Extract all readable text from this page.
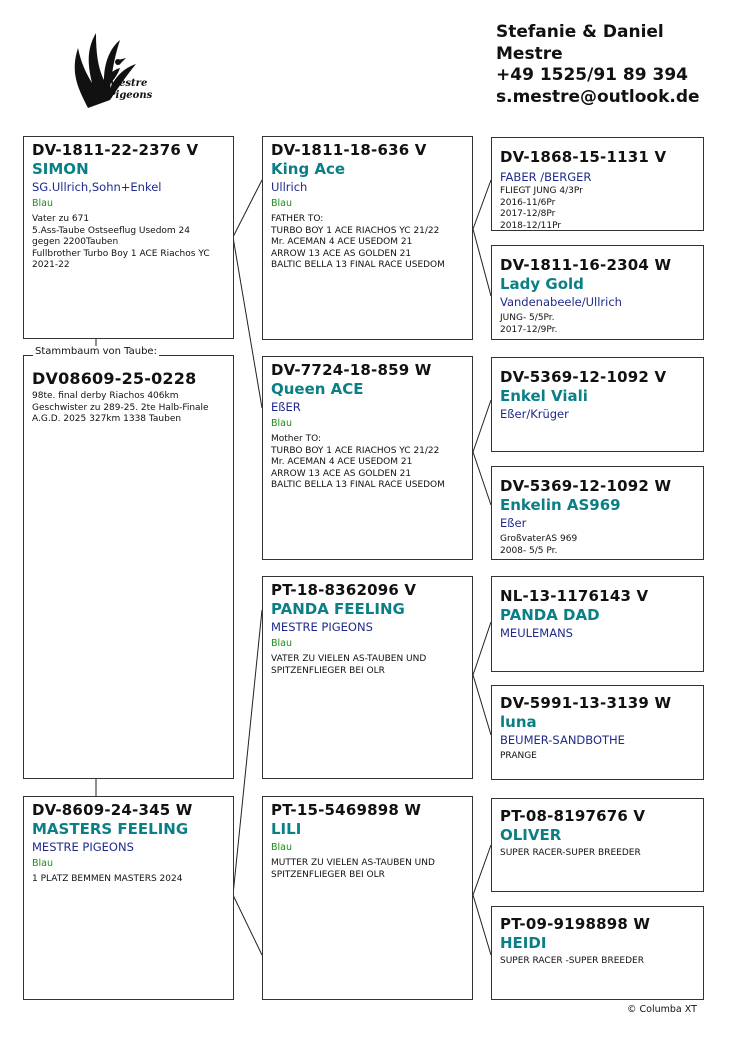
Mestre
Pigeons
Stefanie & Daniel
Mestre
+49 1525/91 89 394
s.mestre@outlook.de
DV-1811-22-2376 V
SIMON
SG.Ullrich,Sohn+Enkel
Blau
Vater zu 671
5.Ass-Taube Ostseeflug Usedom 24
gegen 2200Tauben
Fullbrother Turbo Boy 1 ACE Riachos YC
2021-22
DV08609-25-0228
98te. final derby Riachos 406km
Geschwister zu 289-25. 2te Halb-Finale
A.G.D. 2025 327km 1338 Tauben
Stammbaum von Taube:
DV-8609-24-345 W
MASTERS FEELING
MESTRE PIGEONS
Blau
1 PLATZ BEMMEN MASTERS 2024
DV-1811-18-636 V
King Ace
Ullrich
Blau
FATHER TO:
TURBO BOY 1 ACE RIACHOS YC 21/22
Mr. ACEMAN 4 ACE USEDOM 21
ARROW 13 ACE AS GOLDEN 21
BALTIC BELLA 13 FINAL RACE USEDOM
DV-7724-18-859 W
Queen ACE
EßER
Blau
Mother TO:
TURBO BOY 1 ACE RIACHOS YC 21/22
Mr. ACEMAN 4 ACE USEDOM 21
ARROW 13 ACE AS GOLDEN 21
BALTIC BELLA 13 FINAL RACE USEDOM
PT-18-8362096 V
PANDA FEELING
MESTRE PIGEONS
Blau
VATER ZU VIELEN AS-TAUBEN UND
SPITZENFLIEGER BEI OLR
PT-15-5469898 W
LILI
Blau
MUTTER ZU VIELEN AS-TAUBEN UND
SPITZENFLIEGER BEI OLR
DV-1868-15-1131 V
FABER /BERGER
FLIEGT JUNG 4/3Pr
2016-11/6Pr
2017-12/8Pr
2018-12/11Pr
DV-1811-16-2304 W
Lady Gold
Vandenabeele/Ullrich
JUNG- 5/5Pr.
2017-12/9Pr.
DV-5369-12-1092 V
Enkel Viali
Eßer/Krüger
DV-5369-12-1092 W
Enkelin AS969
Eßer
GroßvaterAS 969
2008- 5/5 Pr.
NL-13-1176143 V
PANDA DAD
MEULEMANS
DV-5991-13-3139 W
luna
BEUMER-SANDBOTHE
PRANGE
PT-08-8197676 V
OLIVER
SUPER RACER-SUPER BREEDER
PT-09-9198898 W
HEIDI
SUPER RACER -SUPER BREEDER
© Columba XT
